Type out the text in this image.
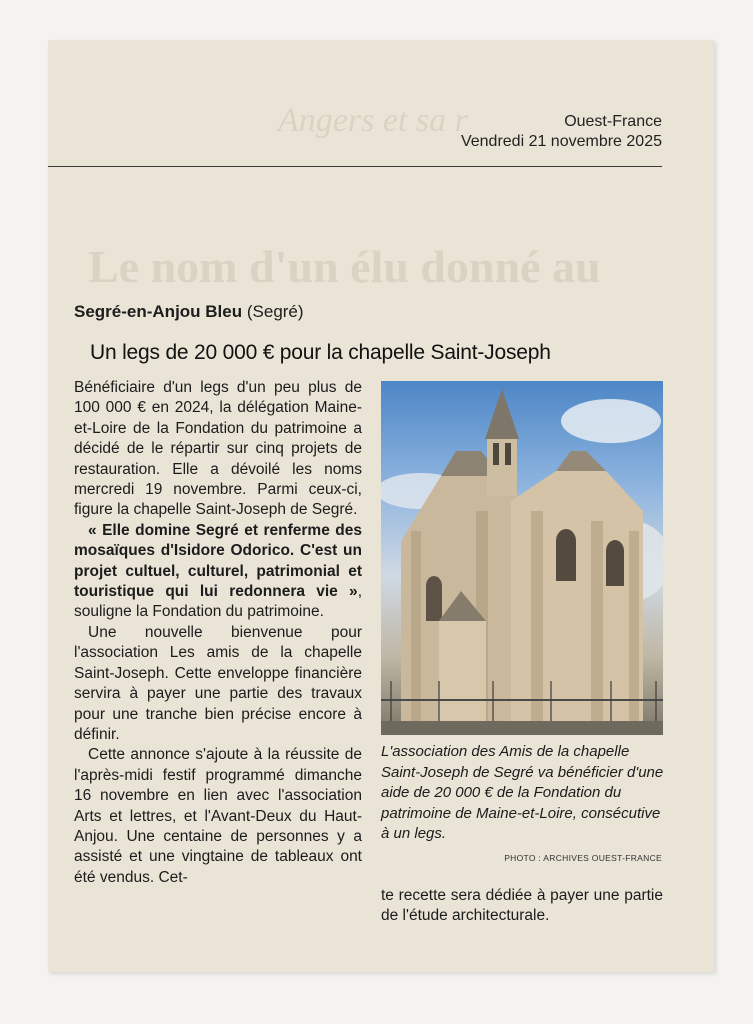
Angers et sa r
Le nom d'un élu donné au
Ouest-France
Vendredi 21 novembre 2025
Segré-en-Anjou Bleu (Segré)
Un legs de 20 000 € pour la chapelle Saint-Joseph

Bénéficiaire d'un legs d'un peu plus de 100 000 € en 2024, la délégation Maine-et-Loire de la Fondation du patrimoine a décidé de le répartir sur cinq projets de restauration. Elle a dévoilé les noms mercredi 19 novembre. Parmi ceux-ci, figure la chapelle Saint-Joseph de Segré.

« Elle domine Segré et renferme des mosaïques d'Isidore Odorico. C'est un projet cultuel, culturel, patrimonial et touristique qui lui redonnera vie », souligne la Fondation du patrimoine.

Une nouvelle bienvenue pour l'association Les amis de la chapelle Saint-Joseph. Cette enveloppe financière servira à payer une partie des travaux pour une tranche bien précise encore à définir.

Cette annonce s'ajoute à la réussite de l'après-midi festif programmé dimanche 16 novembre en lien avec l'association Arts et lettres, et l'Avant-Deux du Haut-Anjou. Une centaine de personnes y a assisté et une vingtaine de tableaux ont été vendus. Cet-

L'association des Amis de la chapelle Saint-Joseph de Segré va bénéficier d'une aide de 20 000 € de la Fondation du patrimoine de Maine-et-Loire, consécutive à un legs.
PHOTO : ARCHIVES OUEST-FRANCE

te recette sera dédiée à payer une partie de l'étude architecturale.
